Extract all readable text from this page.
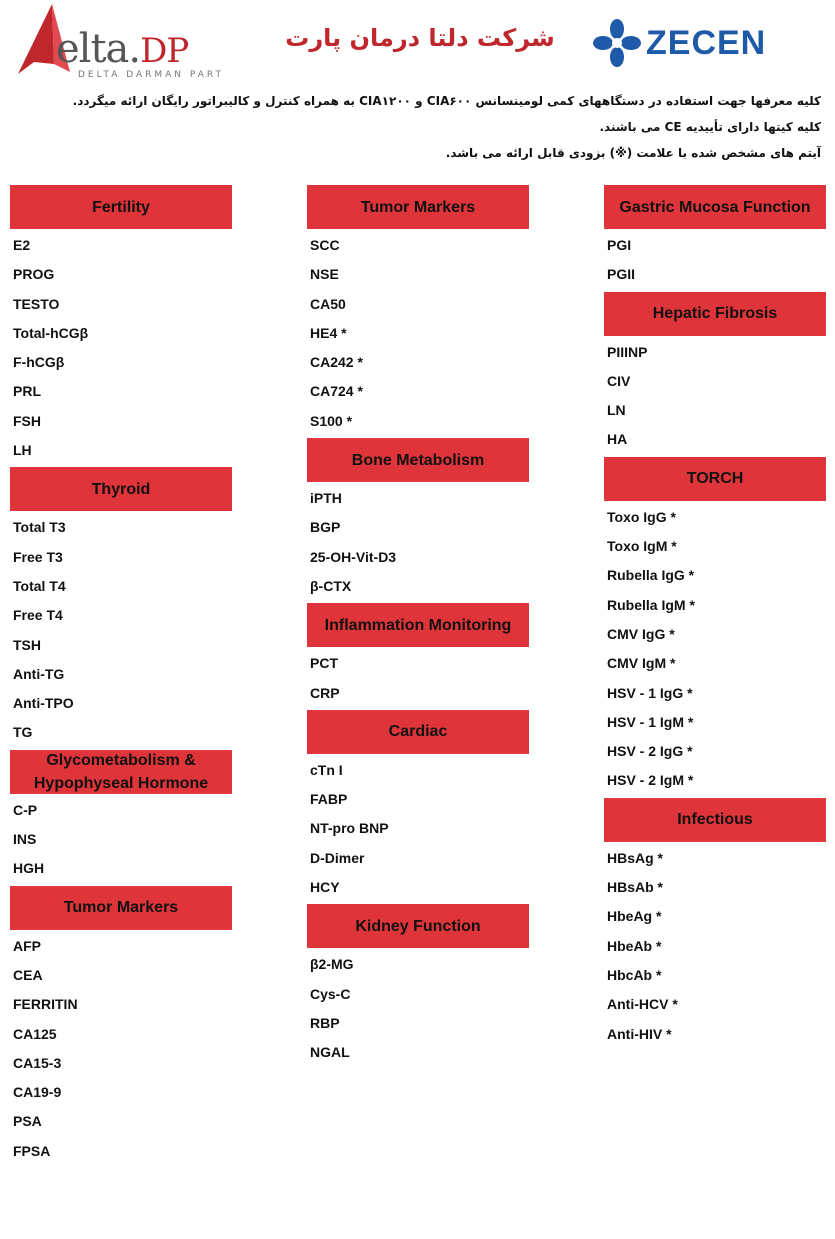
elta.DP
DELTA DARMAN PART
شرکت دلتا درمان پارت	ZECEN
کلیه معرفها جهت استفاده در دستگاههای کمی لومینسانس CIA۶۰۰ و CIA۱۲۰۰ به همراه کنترل و کالیبراتور رایگان ارائه میگردد.
کلیه کیتها دارای تأییدیه CE می باشند.
آیتم های مشخص شده با علامت (※) بزودی قابل ارائه می باشد.
Fertility
E2
PROG
TESTO
Total-hCGβ
F-hCGβ
PRL
FSH
LH
Thyroid
Total T3
Free T3
Total T4
Free T4
TSH
Anti-TG
Anti-TPO
TG
Glycometabolism & Hypophyseal Hormone
C-P
INS
HGH
Tumor Markers
AFP
CEA
FERRITIN
CA125
CA15-3
CA19-9
PSA
FPSA
Tumor Markers
SCC
NSE
CA50
HE4 *
CA242 *
CA724 *
S100 *
Bone Metabolism
iPTH
BGP
25-OH-Vit-D3
β-CTX
Inflammation Monitoring
PCT
CRP
Cardiac
cTn I
FABP
NT-pro BNP
D-Dimer
HCY
Kidney Function
β2-MG
Cys-C
RBP
NGAL
Gastric Mucosa Function
PGI
PGII
Hepatic Fibrosis
PIIINP
CIV
LN
HA
TORCH
Toxo IgG *
Toxo IgM *
Rubella IgG *
Rubella IgM *
CMV IgG *
CMV IgM *
HSV - 1 IgG *
HSV - 1 IgM *
HSV - 2 IgG *
HSV - 2 IgM *
Infectious
HBsAg *
HBsAb *
HbeAg *
HbeAb *
HbcAb *
Anti-HCV *
Anti-HIV *
